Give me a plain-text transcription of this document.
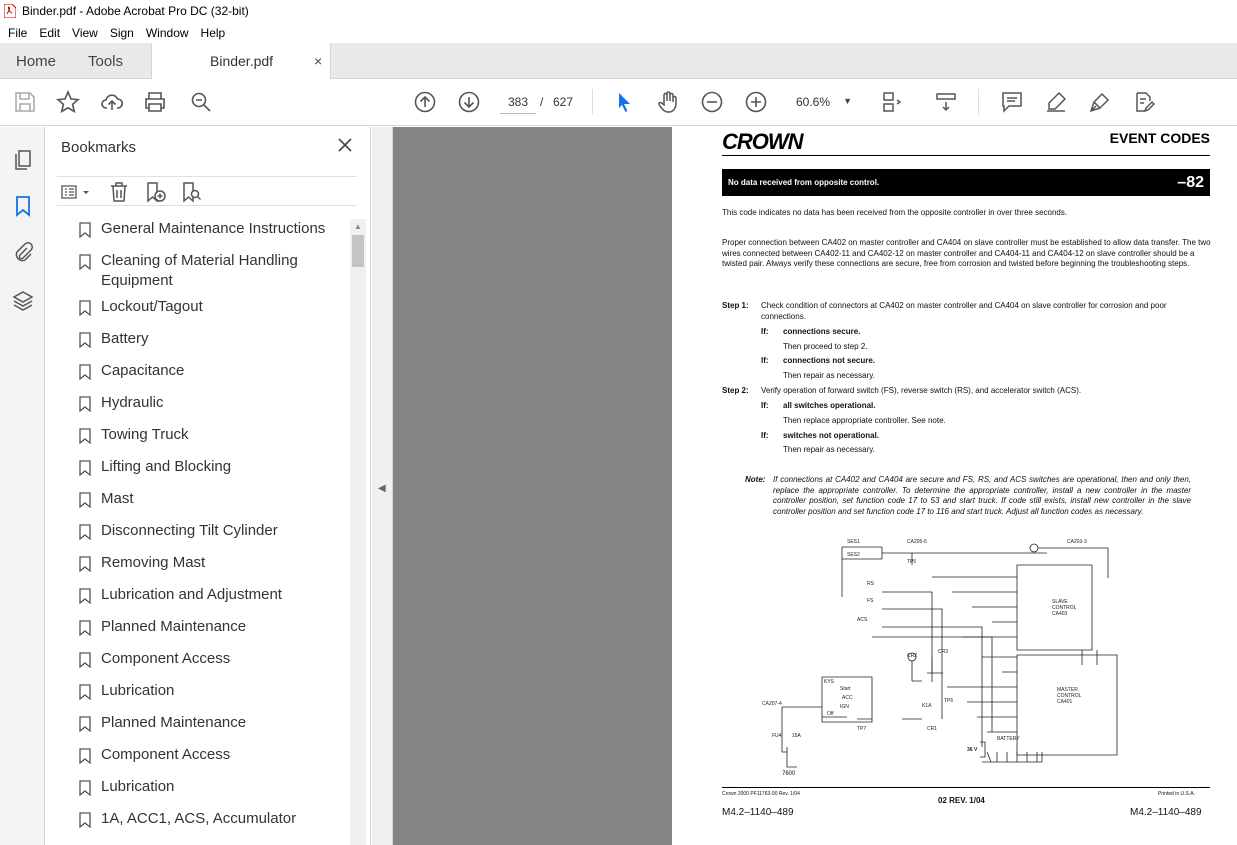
Binder.pdf - Adobe Acrobat Pro DC (32-bit)
File	Edit	View	Sign	Window	Help
Home Tools	Binder.pdf	×
383
/ 627	60.6% ▼
Bookmarks
General Maintenance Instructions
Cleaning of Material Handling Equipment
Lockout/Tagout
Battery
Capacitance
Hydraulic
Towing Truck
Lifting and Blocking
Mast
Disconnecting Tilt Cylinder
Removing Mast
Lubrication and Adjustment
Planned Maintenance
Component Access
Lubrication
Planned Maintenance
Component Access
Lubrication
1A, ACC1, ACS, Accumulator
▲
◀
CROWN	EVENT CODES
No data received from opposite control.	–82
This code indicates no data has been received from the opposite controller in over three seconds.
Proper connection between CA402 on master controller and CA404 on slave controller must be established to allow data transfer. The two wires connected between CA402-11 and CA402-12 on master controller and CA404-11 and CA404-12 on slave controller should be a twisted pair. Always verify these connections are secure, free from corrosion and twisted before beginning the troubleshooting steps.
Step 1: Check condition of connectors at CA402 on master controller and CA404 on slave controller for corrosion and poor connections.
If: connections secure.
Then proceed to step 2.
If: connections not secure.
Then repair as necessary.
Step 2: Verify operation of forward switch (FS), reverse switch (RS), and accelerator switch (ACS).
If: all switches operational.
Then replace appropriate controller. See note.
If: switches not operational.
Then repair as necessary.
Note: If connections at CA402 and CA404 are secure and FS, RS, and ACS switches are operational, then and only then, replace the appropriate controller. To determine the appropriate controller, install a new controller in the master controller position, set function code 17 to 53 and start truck. If code still exists, install new controller in the slave controller position and set function code 17 to 116 and start truck. Adjust all function codes as necessary.
SES1
SES2
CA205-6	CA203-3
TP5
RS
FS
ACS
SLAVE
CONTROL
CA403
MASTER
CONTROL
CA401
KYS
Start
ACC
IGN
Off
CR2
CR3
CR1
TP6
TP7
K1A
CA207-4
FU4 15A	BATTERY
36 V
7600
Crown 2000 PF11763-90 Rev. 1/04	Printed in U.S.A.
02 REV. 1/04
M4.2–1140–489	M4.2–1140–489
